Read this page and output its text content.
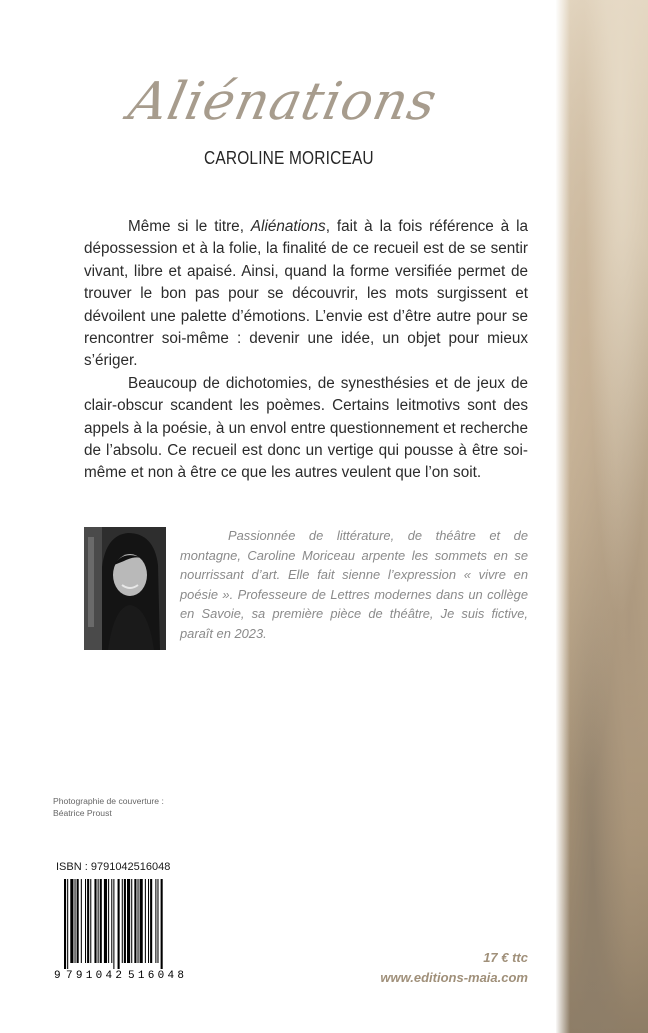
Aliénations
CAROLINE MORICEAU

Même si le titre, Aliénations, fait à la fois référence à la dépossession et à la folie, la finalité de ce recueil est de se sentir vivant, libre et apaisé. Ainsi, quand la forme versifiée permet de trouver le bon pas pour se découvrir, les mots surgissent et dévoilent une palette d’émotions. L’envie est d’être autre pour se rencontrer soi-même : devenir une idée, un objet pour mieux s’ériger.

Beaucoup de dichotomies, de synesthésies et de jeux de clair-obscur scandent les poèmes. Certains leitmotivs sont des appels à la poésie, à un envol entre questionnement et recherche de l’absolu. Ce recueil est donc un vertige qui pousse à être soi-même et non à être ce que les autres veulent que l’on soit.

Passionnée de littérature, de théâtre et de montagne, Caroline Moriceau arpente les sommets en se nourrissant d’art. Elle fait sienne l’expression « vivre en poésie ». Professeure de Lettres modernes dans un collège en Savoie, sa première pièce de théâtre, Je suis fictive, paraît en 2023.
Photographie de couverture :
Béatrice Proust
ISBN : 9791042516048
9 791042 516048
17 € ttc
www.editions-maia.com
